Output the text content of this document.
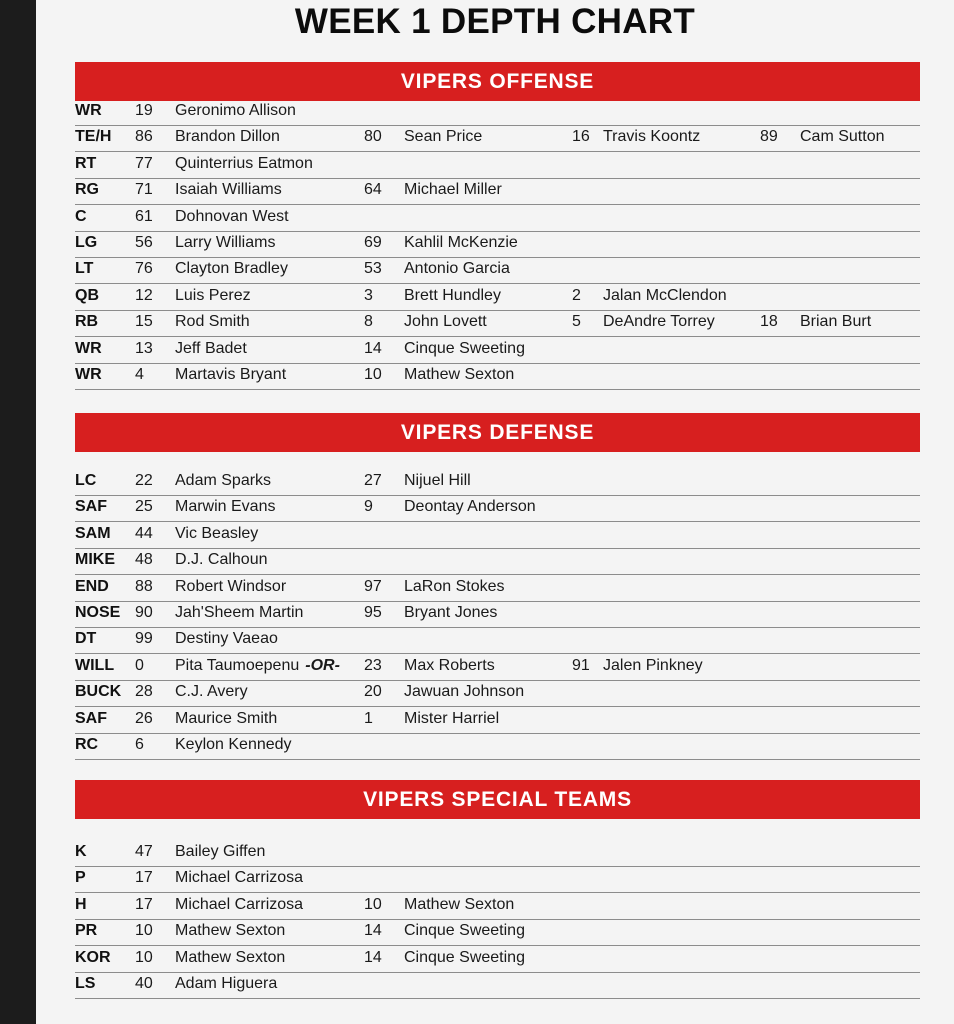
WEEK 1 DEPTH CHART
VIPERS OFFENSE
WR 19 Geronimo Allison
TE/H 86 Brandon Dillon	80 Sean Price	16 Travis Koontz	89 Cam Sutton
RT 77 Quinterrius Eatmon
RG 71 Isaiah Williams	64 Michael Miller
C	61 Dohnovan West
LG 56 Larry Williams	69 Kahlil McKenzie
LT	76 Clayton Bradley	53 Antonio Garcia
QB 12 Luis Perez	3 Brett Hundley	2 Jalan McClendon
RB 15 Rod Smith	8 John Lovett	5 DeAndre Torrey	18 Brian Burt
WR 13 Jeff Badet	14 Cinque Sweeting
WR 4 Martavis Bryant	10 Mathew Sexton
VIPERS DEFENSE
LC 22 Adam Sparks	27 Nijuel Hill
SAF 25 Marwin Evans	9 Deontay Anderson
SAM 44 Vic Beasley
MIKE 48 D.J. Calhoun
END 88 Robert Windsor	97 LaRon Stokes
NOSE 90 Jah'Sheem Martin	95 Bryant Jones
DT 99 Destiny Vaeao
WILL 0 Pita Taumoepenu -OR- 23 Max Roberts	91 Jalen Pinkney
BUCK 28 C.J. Avery	20 Jawuan Johnson
SAF 26 Maurice Smith	1 Mister Harriel
RC 6 Keylon Kennedy
VIPERS SPECIAL TEAMS
K	47 Bailey Giffen
P	17 Michael Carrizosa
H	17 Michael Carrizosa	10 Mathew Sexton
PR 10 Mathew Sexton	14 Cinque Sweeting
KOR 10 Mathew Sexton	14 Cinque Sweeting
LS 40 Adam Higuera
